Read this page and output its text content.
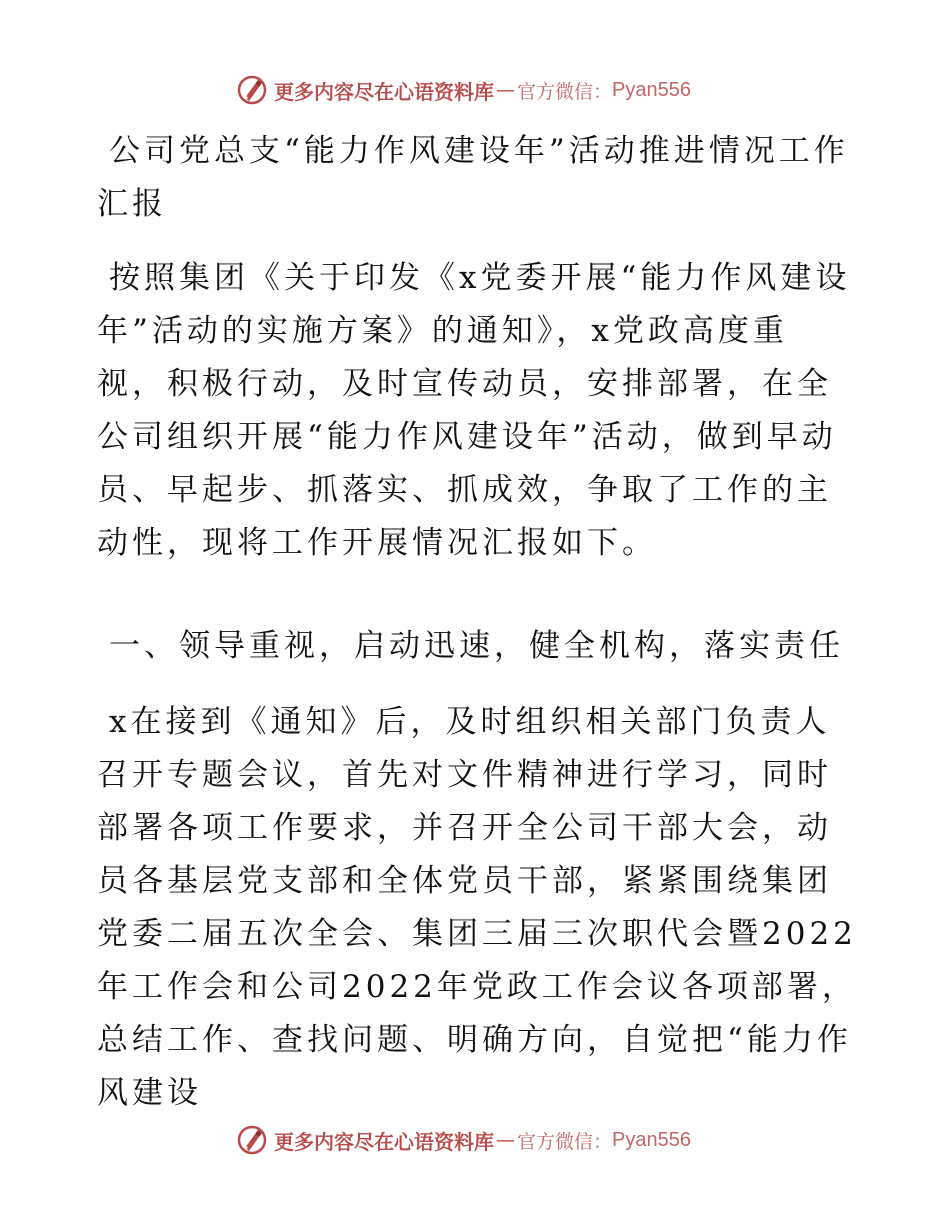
更多内容尽在心语资料库 — 官方微信： Pyan556

公司党总支“能力作风建设年”活动推进情况工作汇报

按照集团《关于印发《x党委开展“能力作风建设年”活动的实施方案》的通知》，x党政高度重视，积极行动，及时宣传动员，安排部署，在全公司组织开展“能力作风建设年”活动，做到早动员、早起步、抓落实、抓成效，争取了工作的主动性，现将工作开展情况汇报如下。

一、领导重视，启动迅速，健全机构，落实责任

x在接到《通知》后，及时组织相关部门负责人召开专题会议，首先对文件精神进行学习，同时部署各项工作要求，并召开全公司干部大会，动员各基层党支部和全体党员干部，紧紧围绕集团党委二届五次全会、集团三届三次职代会暨2022年工作会和公司2022年党政工作会议各项部署，总结工作、查找问题、明确方向，自觉把“能力作风建设

更多内容尽在心语资料库 — 官方微信： Pyan556
